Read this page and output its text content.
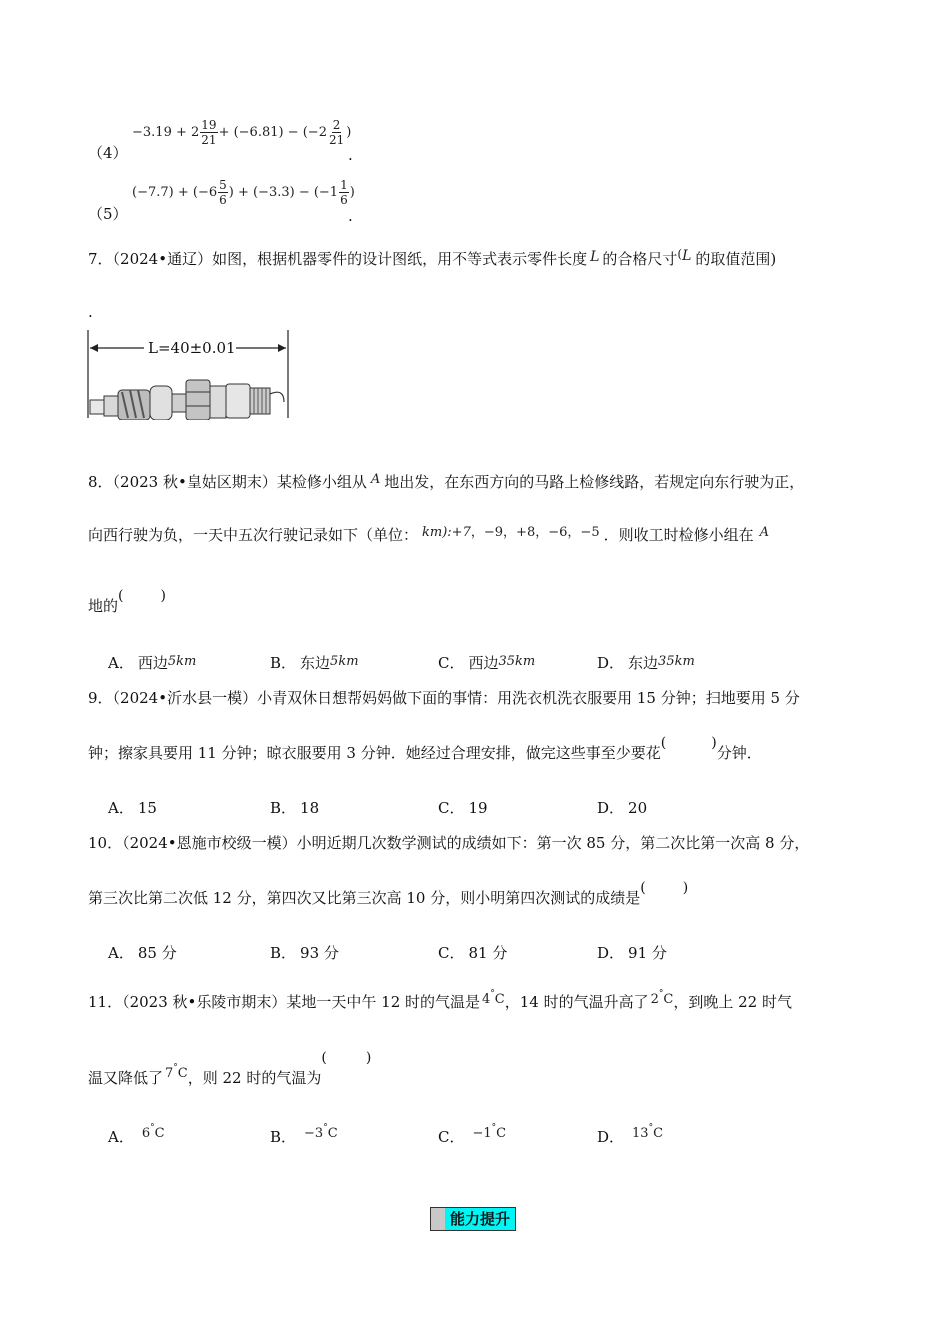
（4）
$-3.19 + 2 \frac{19}{21} + (-6.81) - (-2 \frac{2}{21}$ )
.
（5）
$(-7.7) + (-6 \frac{5}{6}$ ) + $(-3.3) - (-1 \frac{1}{6}$ )
.
7．（2024•通辽）如图，根据机器零件的设计图纸，用不等式表示零件长度 L 的合格尺寸(L 的取值范围)
.
L=40±0.01
8．（2023 秋•皇姑区期末）某检修小组从 A 地出发，在东西方向的马路上检修线路，若规定向东行驶为正，
向西行驶为负，一天中五次行驶记录如下（单位： km):+7，−9，+8，−6，−5 ．则收工时检修小组在 A
地的
(	)
A． 西边5km	B． 东边5km	C． 西边35km	D． 东边35km
9．（2024•沂水县一模）小青双休日想帮妈妈做下面的事情：用洗衣机洗衣服要用 15 分钟；扫地要用 5 分
钟；擦家具要用 11 分钟；晾衣服要用 3 分钟．她经过合理安排，做完这些事至少要花
(	)
分钟．
A． 15	B． 18	C． 19	D． 20
10．（2024•恩施市校级一模）小明近期几次数学测试的成绩如下：第一次 85 分，第二次比第一次高 8 分，
第三次比第二次低 12 分，第四次又比第三次高 10 分，则小明第四次测试的成绩是
(	)
A． 85 分	B． 93 分	C． 81 分	D． 91 分
11．（2023 秋•乐陵市期末）某地一天中午 12 时的气温是 4°C，14 时的气温升高了 2°C，到晚上 22 时气
温又降低了 7°C，则 22 时的气温为
(	)
A． 6°C	B． −3°C	C． −1°C	D． 13°C
能力提升
